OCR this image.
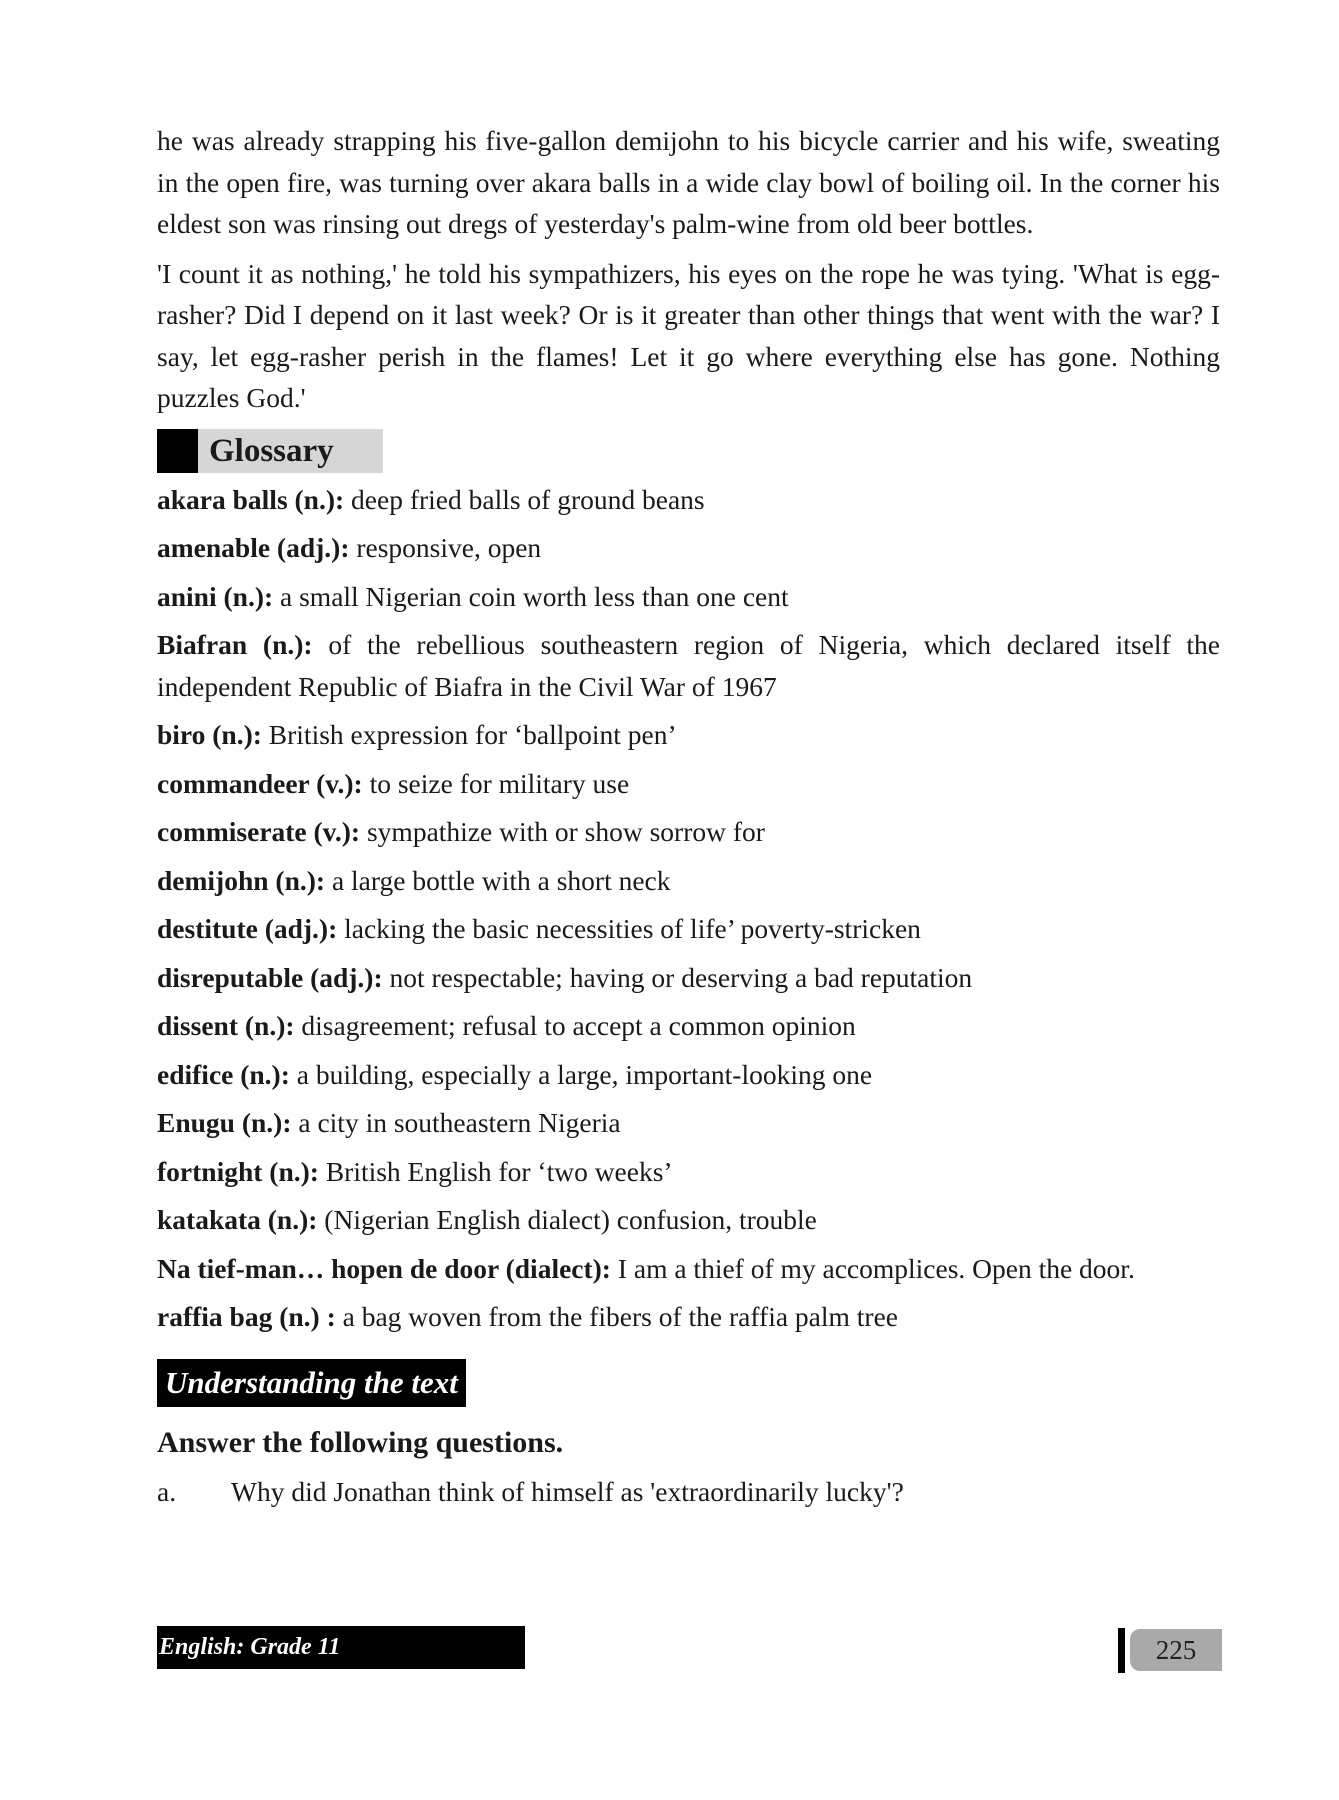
he was already strapping his five-gallon demijohn to his bicycle carrier and his wife, sweating in the open fire, was turning over akara balls in a wide clay bowl of boiling oil. In the corner his eldest son was rinsing out dregs of yesterday's palm-wine from old beer bottles.

'I count it as nothing,' he told his sympathizers, his eyes on the rope he was tying. 'What is egg-rasher? Did I depend on it last week? Or is it greater than other things that went with the war? I say, let egg-rasher perish in the flames! Let it go where everything else has gone. Nothing puzzles God.'

Glossary

akara balls (n.): deep fried balls of ground beans

amenable (adj.): responsive, open

anini (n.): a small Nigerian coin worth less than one cent

Biafran (n.): of the rebellious southeastern region of Nigeria, which declared itself the independent Republic of Biafra in the Civil War of 1967

biro (n.): British expression for ‘ballpoint pen’

commandeer (v.): to seize for military use

commiserate (v.): sympathize with or show sorrow for

demijohn (n.): a large bottle with a short neck

destitute (adj.): lacking the basic necessities of life’ poverty-stricken

disreputable (adj.): not respectable; having or deserving a bad reputation

dissent (n.): disagreement; refusal to accept a common opinion

edifice (n.): a building, especially a large, important-looking one

Enugu (n.): a city in southeastern Nigeria

fortnight (n.): British English for ‘two weeks’

katakata (n.): (Nigerian English dialect) confusion, trouble

Na tief-man… hopen de door (dialect): I am a thief of my accomplices. Open the door.

raffia bag (n.) : a bag woven from the fibers of the raffia palm tree

Understanding the text
Answer the following questions.
a. Why did Jonathan think of himself as 'extraordinarily lucky'?
English: Grade 11	225
